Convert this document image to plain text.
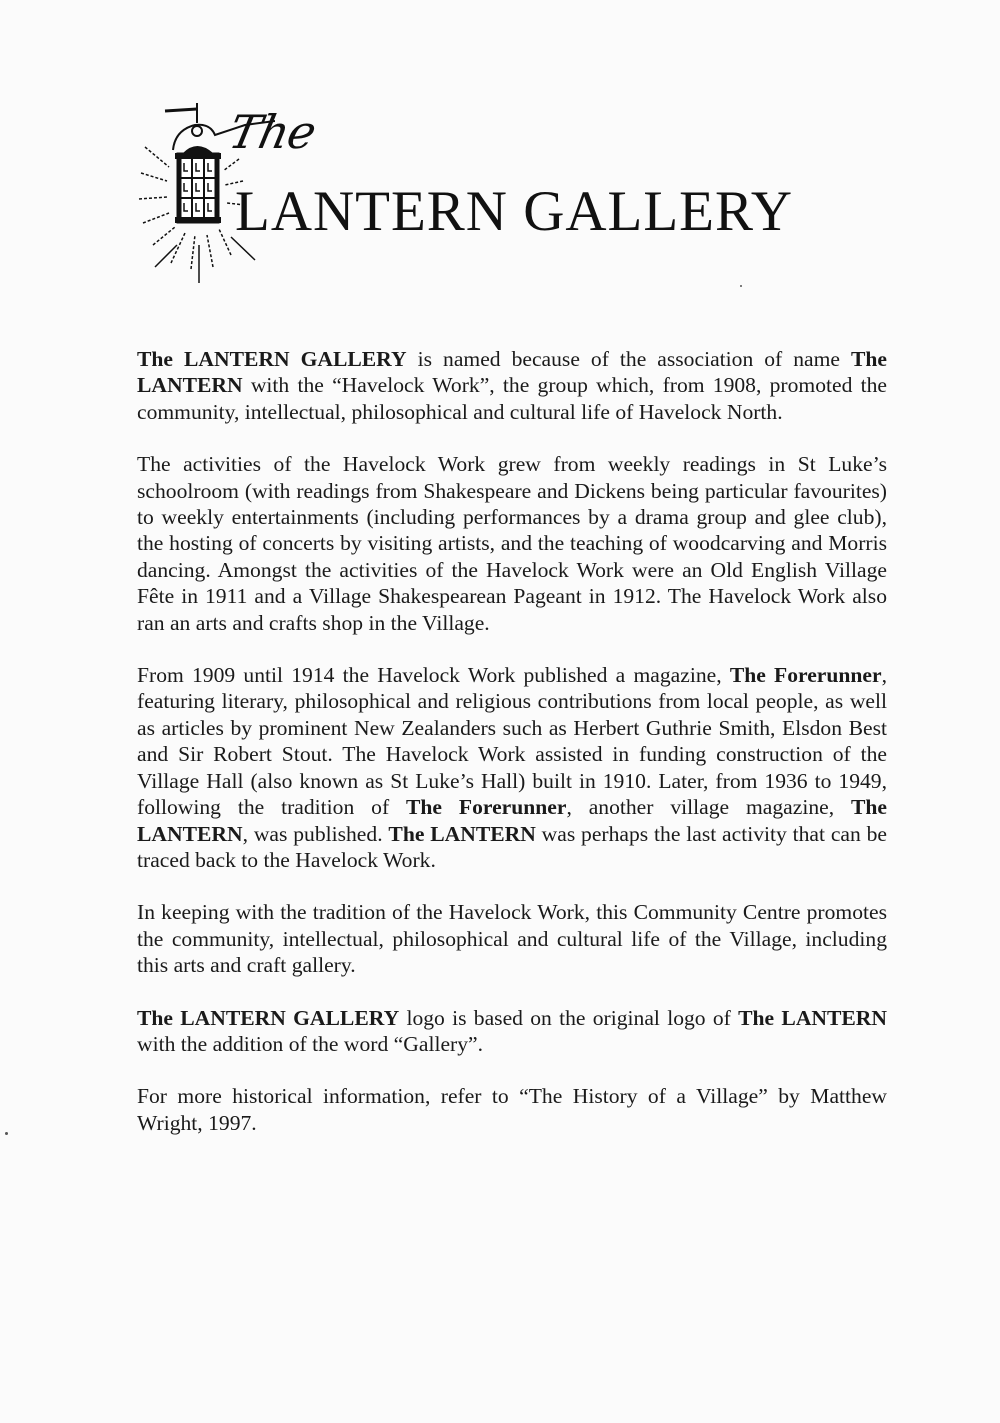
The
LANTERN GALLERY

The LANTERN GALLERY is named because of the association of name The LANTERN with the “Havelock Work”, the group which, from 1908, promoted the community, intellectual, philosophical and cultural life of Havelock North.

The activities of the Havelock Work grew from weekly readings in St Luke’s schoolroom (with readings from Shakespeare and Dickens being particular favourites) to weekly entertainments (including performances by a drama group and glee club), the hosting of concerts by visiting artists, and the teaching of woodcarving and Morris dancing. Amongst the activities of the Havelock Work were an Old English Village Fête in 1911 and a Village Shakespearean Pageant in 1912. The Havelock Work also ran an arts and crafts shop in the Village.

From 1909 until 1914 the Havelock Work published a magazine, The Forerunner, featuring literary, philosophical and religious contributions from local people, as well as articles by prominent New Zealanders such as Herbert Guthrie Smith, Elsdon Best and Sir Robert Stout. The Havelock Work assisted in funding construction of the Village Hall (also known as St Luke’s Hall) built in 1910. Later, from 1936 to 1949, following the tradition of The Forerunner, another village magazine, The LANTERN, was published. The LANTERN was perhaps the last activity that can be traced back to the Havelock Work.

In keeping with the tradition of the Havelock Work, this Community Centre promotes the community, intellectual, philosophical and cultural life of the Village, including this arts and craft gallery.

The LANTERN GALLERY logo is based on the original logo of The LANTERN with the addition of the word “Gallery”.

For more historical information, refer to “The History of a Village” by Matthew Wright, 1997.
